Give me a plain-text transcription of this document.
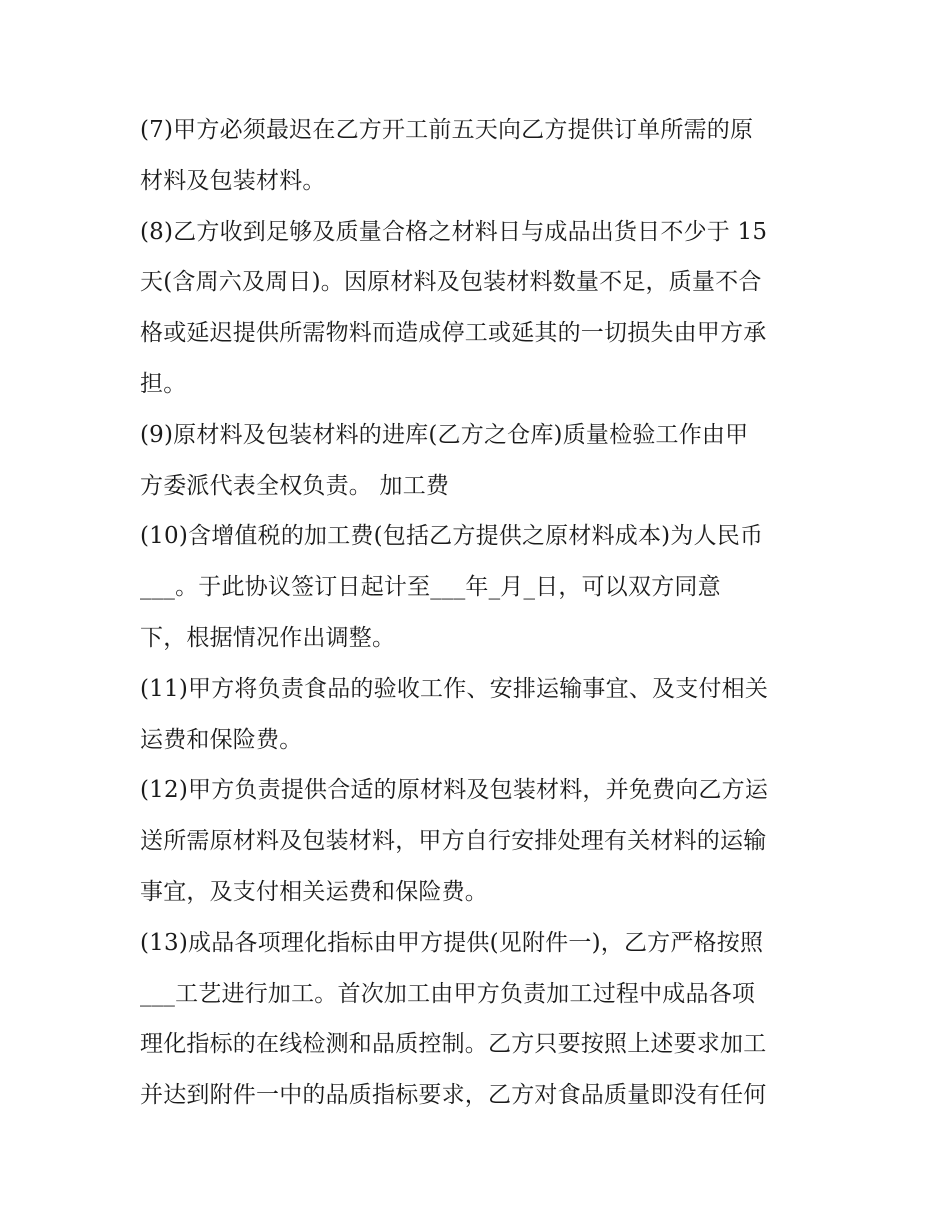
(7)甲方必须最迟在乙方开工前五天向乙方提供订单所需的原
材料及包装材料。
(8)乙方收到足够及质量合格之材料日与成品出货日不少于 15
天(含周六及周日)。因原材料及包装材料数量不足，质量不合
格或延迟提供所需物料而造成停工或延其的一切损失由甲方承
担。
(9)原材料及包装材料的进库(乙方之仓库)质量检验工作由甲
方委派代表全权负责。 加工费
(10)含增值税的加工费(包括乙方提供之原材料成本)为人民币
___。于此协议签订日起计至___年_月_日，可以双方同意
下，根据情况作出调整。
(11)甲方将负责食品的验收工作、安排运输事宜、及支付相关
运费和保险费。
(12)甲方负责提供合适的原材料及包装材料，并免费向乙方运
送所需原材料及包装材料，甲方自行安排处理有关材料的运输
事宜，及支付相关运费和保险费。
(13)成品各项理化指标由甲方提供(见附件一)，乙方严格按照
___工艺进行加工。首次加工由甲方负责加工过程中成品各项
理化指标的在线检测和品质控制。乙方只要按照上述要求加工
并达到附件一中的品质指标要求，乙方对食品质量即没有任何
